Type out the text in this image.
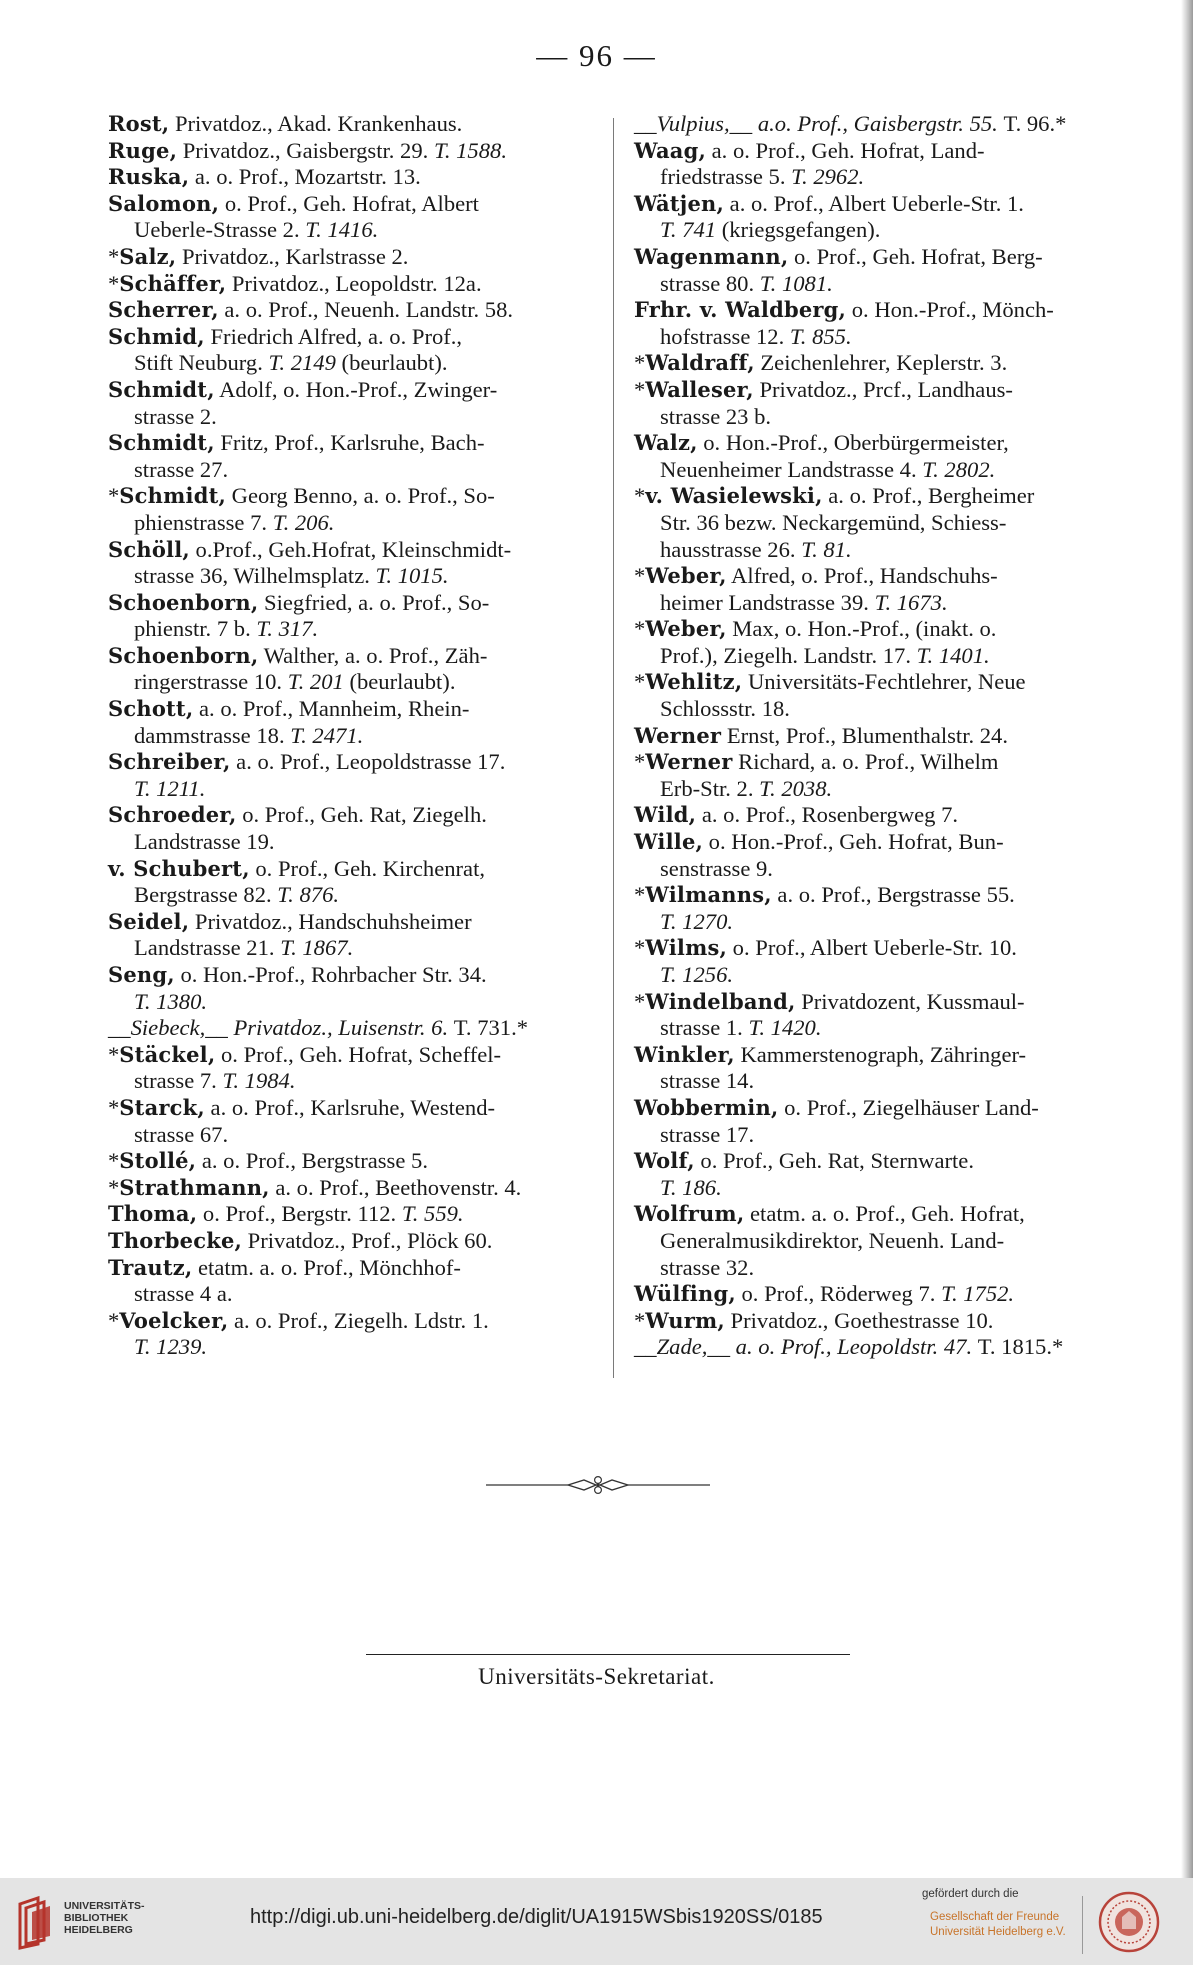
— 96 —
Rost, Privatdoz., Akad. Krankenhaus.
Ruge, Privatdoz., Gaisbergstr. 29. T. 1588.
Ruska, a. o. Prof., Mozartstr. 13.
Salomon, o. Prof., Geh. Hofrat, Albert
Ueberle-Strasse 2. T. 1416.
*Salz, Privatdoz., Karlstrasse 2.
*Schäffer, Privatdoz., Leopoldstr. 12a.
Scherrer, a. o. Prof., Neuenh. Landstr. 58.
Schmid, Friedrich Alfred, a. o. Prof.,
Stift Neuburg. T. 2149 (beurlaubt).
Schmidt, Adolf, o. Hon.-Prof., Zwinger-
strasse 2.
Schmidt, Fritz, Prof., Karlsruhe, Bach-
strasse 27.
*Schmidt, Georg Benno, a. o. Prof., So-
phienstrasse 7. T. 206.
Schöll, o.Prof., Geh.Hofrat, Kleinschmidt-
strasse 36, Wilhelmsplatz. T. 1015.
Schoenborn, Siegfried, a. o. Prof., So-
phienstr. 7 b. T. 317.
Schoenborn, Walther, a. o. Prof., Zäh-
ringerstrasse 10. T. 201 (beurlaubt).
Schott, a. o. Prof., Mannheim, Rhein-
dammstrasse 18. T. 2471.
Schreiber, a. o. Prof., Leopoldstrasse 17.
T. 1211.
Schroeder, o. Prof., Geh. Rat, Ziegelh.
Landstrasse 19.
v. Schubert, o. Prof., Geh. Kirchenrat,
Bergstrasse 82. T. 876.
Seidel, Privatdoz., Handschuhsheimer
Landstrasse 21. T. 1867.
Seng, o. Hon.-Prof., Rohrbacher Str. 34.
T. 1380.
__Siebeck,__ Privatdoz., Luisenstr. 6. T. 731.*
*Stäckel, o. Prof., Geh. Hofrat, Scheffel-
strasse 7. T. 1984.
*Starck, a. o. Prof., Karlsruhe, Westend-
strasse 67.
*Stollé, a. o. Prof., Bergstrasse 5.
*Strathmann, a. o. Prof., Beethovenstr. 4.
Thoma, o. Prof., Bergstr. 112. T. 559.
Thorbecke, Privatdoz., Prof., Plöck 60.
Trautz, etatm. a. o. Prof., Mönchhof-
strasse 4 a.
*Voelcker, a. o. Prof., Ziegelh. Ldstr. 1.
T. 1239.
__Vulpius,__ a.o. Prof., Gaisbergstr. 55. T. 96.*
Waag, a. o. Prof., Geh. Hofrat, Land-
friedstrasse 5. T. 2962.
Wätjen, a. o. Prof., Albert Ueberle-Str. 1.
T. 741 (kriegsgefangen).
Wagenmann, o. Prof., Geh. Hofrat, Berg-
strasse 80. T. 1081.
Frhr. v. Waldberg, o. Hon.-Prof., Mönch-
hofstrasse 12. T. 855.
*Waldraff, Zeichenlehrer, Keplerstr. 3.
*Walleser, Privatdoz., Prcf., Landhaus-
strasse 23 b.
Walz, o. Hon.-Prof., Oberbürgermeister,
Neuenheimer Landstrasse 4. T. 2802.
*v. Wasielewski, a. o. Prof., Bergheimer
Str. 36 bezw. Neckargemünd, Schiess-
hausstrasse 26. T. 81.
*Weber, Alfred, o. Prof., Handschuhs-
heimer Landstrasse 39. T. 1673.
*Weber, Max, o. Hon.-Prof., (inakt. o.
Prof.), Ziegelh. Landstr. 17. T. 1401.
*Wehlitz, Universitäts-Fechtlehrer, Neue
Schlossstr. 18.
Werner Ernst, Prof., Blumenthalstr. 24.
*Werner Richard, a. o. Prof., Wilhelm
Erb-Str. 2. T. 2038.
Wild, a. o. Prof., Rosenbergweg 7.
Wille, o. Hon.-Prof., Geh. Hofrat, Bun-
senstrasse 9.
*Wilmanns, a. o. Prof., Bergstrasse 55.
T. 1270.
*Wilms, o. Prof., Albert Ueberle-Str. 10.
T. 1256.
*Windelband, Privatdozent, Kussmaul-
strasse 1. T. 1420.
Winkler, Kammerstenograph, Zähringer-
strasse 14.
Wobbermin, o. Prof., Ziegelhäuser Land-
strasse 17.
Wolf, o. Prof., Geh. Rat, Sternwarte.
T. 186.
Wolfrum, etatm. a. o. Prof., Geh. Hofrat,
Generalmusikdirektor, Neuenh. Land-
strasse 32.
Wülfing, o. Prof., Röderweg 7. T. 1752.
*Wurm, Privatdoz., Goethestrasse 10.
__Zade,__ a. o. Prof., Leopoldstr. 47. T. 1815.*
Universitäts-Sekretariat.
UNIVERSITÄTS-
BIBLIOTHEK
HEIDELBERG
http://digi.ub.uni-heidelberg.de/diglit/UA1915WSbis1920SS/0185
gefördert durch die
Gesellschaft der Freunde
Universität Heidelberg e.V.
